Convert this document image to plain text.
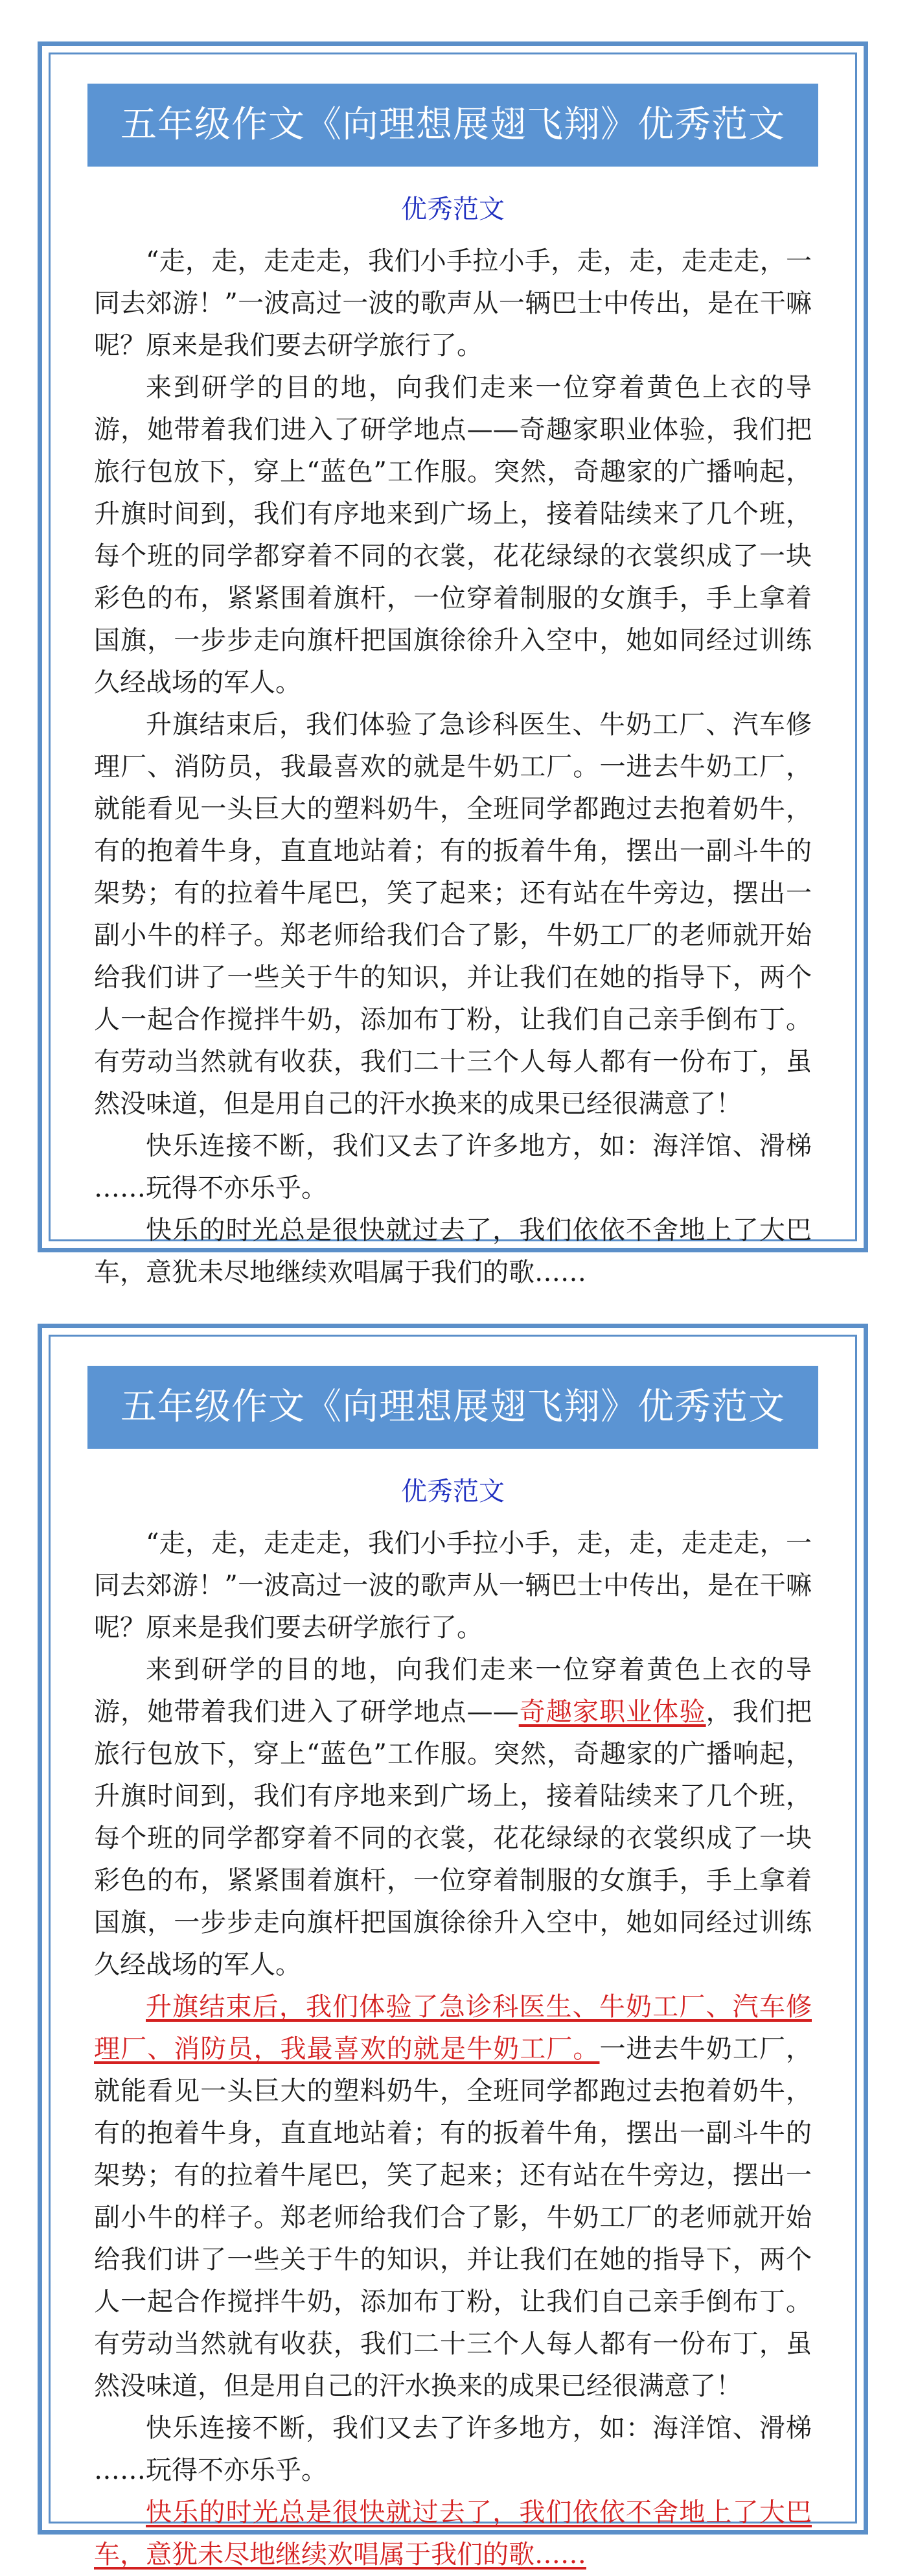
五年级作文《向理想展翅飞翔》优秀范文
优秀范文

“走，走，走走走，我们小手拉小手，走，走，走走走，一同去郊游！”一波高过一波的歌声从一辆巴士中传出，是在干嘛呢？原来是我们要去研学旅行了。

来到研学的目的地，向我们走来一位穿着黄色上衣的导游，她带着我们进入了研学地点——奇趣家职业体验，我们把旅行包放下，穿上“蓝色”工作服。突然，奇趣家的广播响起，升旗时间到，我们有序地来到广场上，接着陆续来了几个班，每个班的同学都穿着不同的衣裳，花花绿绿的衣裳织成了一块彩色的布，紧紧围着旗杆，一位穿着制服的女旗手，手上拿着国旗，一步步走向旗杆把国旗徐徐升入空中，她如同经过训练久经战场的军人。

升旗结束后，我们体验了急诊科医生、牛奶工厂、汽车修理厂、消防员，我最喜欢的就是牛奶工厂。一进去牛奶工厂，就能看见一头巨大的塑料奶牛，全班同学都跑过去抱着奶牛，有的抱着牛身，直直地站着；有的扳着牛角，摆出一副斗牛的架势；有的拉着牛尾巴，笑了起来；还有站在牛旁边，摆出一副小牛的样子。郑老师给我们合了影，牛奶工厂的老师就开始给我们讲了一些关于牛的知识，并让我们在她的指导下，两个人一起合作搅拌牛奶，添加布丁粉，让我们自己亲手倒布丁。有劳动当然就有收获，我们二十三个人每人都有一份布丁，虽然没味道，但是用自己的汗水换来的成果已经很满意了！

快乐连接不断，我们又去了许多地方，如：海洋馆、滑梯 ……玩得不亦乐乎。

快乐的时光总是很快就过去了，我们依依不舍地上了大巴车，意犹未尽地继续欢唱属于我们的歌……

五年级作文《向理想展翅飞翔》优秀范文
优秀范文

“走，走，走走走，我们小手拉小手，走，走，走走走，一同去郊游！”一波高过一波的歌声从一辆巴士中传出，是在干嘛呢？原来是我们要去研学旅行了。

来到研学的目的地，向我们走来一位穿着黄色上衣的导游，她带着我们进入了研学地点——奇趣家职业体验，我们把旅行包放下，穿上“蓝色”工作服。突然，奇趣家的广播响起，升旗时间到，我们有序地来到广场上，接着陆续来了几个班，每个班的同学都穿着不同的衣裳，花花绿绿的衣裳织成了一块彩色的布，紧紧围着旗杆，一位穿着制服的女旗手，手上拿着国旗，一步步走向旗杆把国旗徐徐升入空中，她如同经过训练久经战场的军人。

升旗结束后，我们体验了急诊科医生、牛奶工厂、汽车修理厂、消防员，我最喜欢的就是牛奶工厂。一进去牛奶工厂，就能看见一头巨大的塑料奶牛，全班同学都跑过去抱着奶牛，有的抱着牛身，直直地站着；有的扳着牛角，摆出一副斗牛的架势；有的拉着牛尾巴，笑了起来；还有站在牛旁边，摆出一副小牛的样子。郑老师给我们合了影，牛奶工厂的老师就开始给我们讲了一些关于牛的知识，并让我们在她的指导下，两个人一起合作搅拌牛奶，添加布丁粉，让我们自己亲手倒布丁。有劳动当然就有收获，我们二十三个人每人都有一份布丁，虽然没味道，但是用自己的汗水换来的成果已经很满意了！

快乐连接不断，我们又去了许多地方，如：海洋馆、滑梯 ……玩得不亦乐乎。

快乐的时光总是很快就过去了，我们依依不舍地上了大巴车，意犹未尽地继续欢唱属于我们的歌……
